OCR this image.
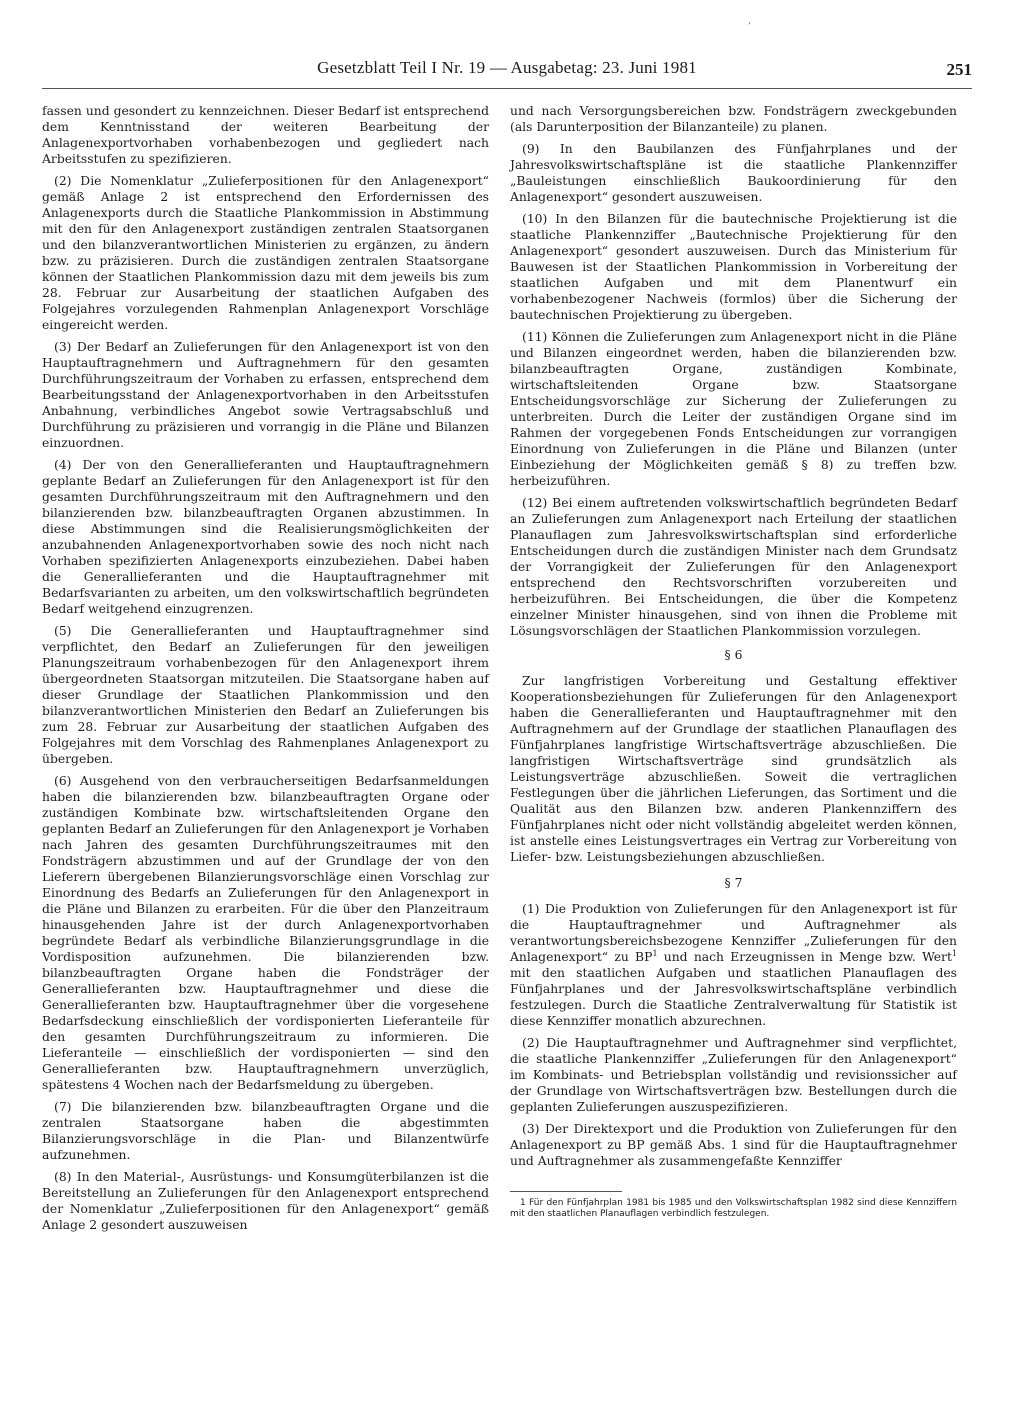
‚
Gesetzblatt Teil I Nr. 19 — Ausgabetag: 23. Juni 1981	251

fassen und gesondert zu kennzeichnen. Dieser Bedarf ist entsprechend dem Kenntnisstand der weiteren Bearbeitung der Anlagenexportvorhaben vorhabenbezogen und gegliedert nach Arbeitsstufen zu spezifizieren.

(2) Die Nomenklatur „Zulieferpositionen für den Anlagenexport“ gemäß Anlage 2 ist entsprechend den Erfordernissen des Anlagenexports durch die Staatliche Plankommission in Abstimmung mit den für den Anlagenexport zuständigen zentralen Staatsorganen und den bilanzverantwortlichen Ministerien zu ergänzen, zu ändern bzw. zu präzisieren. Durch die zuständigen zentralen Staatsorgane können der Staatlichen Plankommission dazu mit dem jeweils bis zum 28. Februar zur Ausarbeitung der staatlichen Aufgaben des Folgejahres vorzulegenden Rahmenplan Anlagenexport Vorschläge eingereicht werden.

(3) Der Bedarf an Zulieferungen für den Anlagenexport ist von den Hauptauftragnehmern und Auftragnehmern für den gesamten Durchführungszeitraum der Vorhaben zu erfassen, entsprechend dem Bearbeitungsstand der Anlagenexportvorhaben in den Arbeitsstufen Anbahnung, verbindliches Angebot sowie Vertragsabschluß und Durchführung zu präzisieren und vorrangig in die Pläne und Bilanzen einzuordnen.

(4) Der von den Generallieferanten und Hauptauftragnehmern geplante Bedarf an Zulieferungen für den Anlagenexport ist für den gesamten Durchführungszeitraum mit den Auftragnehmern und den bilanzierenden bzw. bilanzbeauftragten Organen abzustimmen. In diese Abstimmungen sind die Realisierungsmöglichkeiten der anzubahnenden Anlagenexportvorhaben sowie des noch nicht nach Vorhaben spezifizierten Anlagenexports einzubeziehen. Dabei haben die Generallieferanten und die Hauptauftragnehmer mit Bedarfsvarianten zu arbeiten, um den volkswirtschaftlich begründeten Bedarf weitgehend einzugrenzen.

(5) Die Generallieferanten und Hauptauftragnehmer sind verpflichtet, den Bedarf an Zulieferungen für den jeweiligen Planungszeitraum vorhabenbezogen für den Anlagenexport ihrem übergeordneten Staatsorgan mitzuteilen. Die Staatsorgane haben auf dieser Grundlage der Staatlichen Plankommission und den bilanzverantwortlichen Ministerien den Bedarf an Zulieferungen bis zum 28. Februar zur Ausarbeitung der staatlichen Aufgaben des Folgejahres mit dem Vorschlag des Rahmenplanes Anlagenexport zu übergeben.

(6) Ausgehend von den verbraucherseitigen Bedarfsanmeldungen haben die bilanzierenden bzw. bilanzbeauftragten Organe oder zuständigen Kombinate bzw. wirtschaftsleitenden Organe den geplanten Bedarf an Zulieferungen für den Anlagenexport je Vorhaben nach Jahren des gesamten Durchführungszeitraumes mit den Fondsträgern abzustimmen und auf der Grundlage der von den Lieferern übergebenen Bilanzierungsvorschläge einen Vorschlag zur Einordnung des Bedarfs an Zulieferungen für den Anlagenexport in die Pläne und Bilanzen zu erarbeiten. Für die über den Planzeitraum hinausgehenden Jahre ist der durch Anlagenexportvorhaben begründete Bedarf als verbindliche Bilanzierungsgrundlage in die Vordisposition aufzunehmen. Die bilanzierenden bzw. bilanzbeauftragten Organe haben die Fondsträger der Generallieferanten bzw. Hauptauftragnehmer und diese die Generallieferanten bzw. Hauptauftragnehmer über die vorgesehene Bedarfsdeckung einschließlich der vordisponierten Lieferanteile für den gesamten Durchführungszeitraum zu informieren. Die Lieferanteile — einschließlich der vordisponierten — sind den Generallieferanten bzw. Hauptauftragnehmern unverzüglich, spätestens 4 Wochen nach der Bedarfsmeldung zu übergeben.

(7) Die bilanzierenden bzw. bilanzbeauftragten Organe und die zentralen Staatsorgane haben die abgestimmten Bilanzierungsvorschläge in die Plan- und Bilanzentwürfe aufzunehmen.

(8) In den Material-, Ausrüstungs- und Konsumgüterbilanzen ist die Bereitstellung an Zulieferungen für den Anlagenexport entsprechend der Nomenklatur „Zulieferpositionen für den Anlagenexport“ gemäß Anlage 2 gesondert auszuweisen

und nach Versorgungsbereichen bzw. Fondsträgern zweckgebunden (als Darunterposition der Bilanzanteile) zu planen.

(9) In den Baubilanzen des Fünfjahrplanes und der Jahresvolkswirtschaftspläne ist die staatliche Plankennziffer „Bauleistungen einschließlich Baukoordinierung für den Anlagenexport“ gesondert auszuweisen.

(10) In den Bilanzen für die bautechnische Projektierung ist die staatliche Plankennziffer „Bautechnische Projektierung für den Anlagenexport“ gesondert auszuweisen. Durch das Ministerium für Bauwesen ist der Staatlichen Plankommission in Vorbereitung der staatlichen Aufgaben und mit dem Planentwurf ein vorhabenbezogener Nachweis (formlos) über die Sicherung der bautechnischen Projektierung zu übergeben.

(11) Können die Zulieferungen zum Anlagenexport nicht in die Pläne und Bilanzen eingeordnet werden, haben die bilanzierenden bzw. bilanzbeauftragten Organe, zuständigen Kombinate, wirtschaftsleitenden Organe bzw. Staatsorgane Entscheidungsvorschläge zur Sicherung der Zulieferungen zu unterbreiten. Durch die Leiter der zuständigen Organe sind im Rahmen der vorgegebenen Fonds Entscheidungen zur vorrangigen Einordnung von Zulieferungen in die Pläne und Bilanzen (unter Einbeziehung der Möglichkeiten gemäß § 8) zu treffen bzw. herbeizuführen.

(12) Bei einem auftretenden volkswirtschaftlich begründeten Bedarf an Zulieferungen zum Anlagenexport nach Erteilung der staatlichen Planauflagen zum Jahresvolkswirtschaftsplan sind erforderliche Entscheidungen durch die zuständigen Minister nach dem Grundsatz der Vorrangigkeit der Zulieferungen für den Anlagenexport entsprechend den Rechtsvorschriften vorzubereiten und herbeizuführen. Bei Entscheidungen, die über die Kompetenz einzelner Minister hinausgehen, sind von ihnen die Probleme mit Lösungsvorschlägen der Staatlichen Plankommission vorzulegen.

§ 6

Zur langfristigen Vorbereitung und Gestaltung effektiver Kooperationsbeziehungen für Zulieferungen für den Anlagenexport haben die Generallieferanten und Hauptauftragnehmer mit den Auftragnehmern auf der Grundlage der staatlichen Planauflagen des Fünfjahrplanes langfristige Wirtschaftsverträge abzuschließen. Die langfristigen Wirtschaftsverträge sind grundsätzlich als Leistungsverträge abzuschließen. Soweit die vertraglichen Festlegungen über die jährlichen Lieferungen, das Sortiment und die Qualität aus den Bilanzen bzw. anderen Plankennziffern des Fünfjahrplanes nicht oder nicht vollständig abgeleitet werden können, ist anstelle eines Leistungsvertrages ein Vertrag zur Vorbereitung von Liefer- bzw. Leistungsbeziehungen abzuschließen.

§ 7

(1) Die Produktion von Zulieferungen für den Anlagenexport ist für die Hauptauftragnehmer und Auftragnehmer als verantwortungsbereichsbezogene Kennziffer „Zulieferungen für den Anlagenexport“ zu $BP^1$ und nach Erzeugnissen in Menge bzw. Wert$^1$ mit den staatlichen Aufgaben und staatlichen Planauflagen des Fünfjahrplanes und der Jahresvolkswirtschaftspläne verbindlich festzulegen. Durch die Staatliche Zentralverwaltung für Statistik ist diese Kennziffer monatlich abzurechnen.

(2) Die Hauptauftragnehmer und Auftragnehmer sind verpflichtet, die staatliche Plankennziffer „Zulieferungen für den Anlagenexport“ im Kombinats- und Betriebsplan vollständig und revisionssicher auf der Grundlage von Wirtschaftsverträgen bzw. Bestellungen durch die geplanten Zulieferungen auszuspezifizieren.

(3) Der Direktexport und die Produktion von Zulieferungen für den Anlagenexport zu BP gemäß Abs. 1 sind für die Hauptauftragnehmer und Auftragnehmer als zusammengefaßte Kennziffer

1 Für den Fünfjahrplan 1981 bis 1985 und den Volkswirtschaftsplan 1982 sind diese Kennziffern mit den staatlichen Planauflagen verbindlich festzulegen.
